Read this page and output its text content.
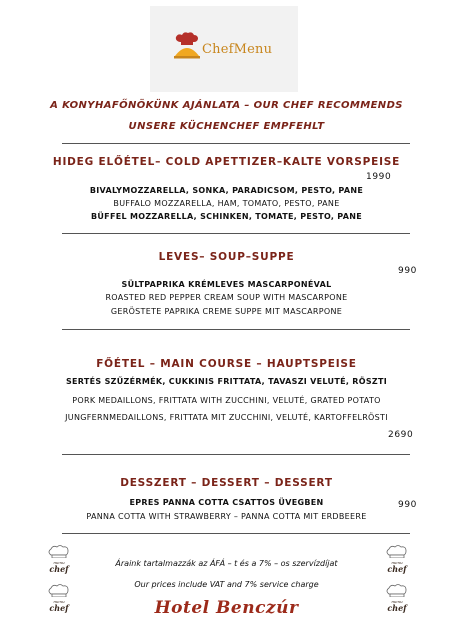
ChefMenu
A KONYHAFŐNÖKÜNK AJÁNLATA – OUR CHEF RECOMMENDS
UNSERE KÜCHENCHEF EMPFEHLT
HIDEG ELŐÉTEL– COLD APETTIZER–KALTE VORSPEISE
1990
BIVALYMOZZARELLA, SONKA, PARADICSOM, PESTO, PANE
BUFFALO MOZZARELLA, HAM, TOMATO, PESTO, PANE
BÜFFEL MOZZARELLA, SCHINKEN, TOMATE, PESTO, PANE
LEVES– SOUP–SUPPE
990
SÜLTPAPRIKA KRÉMLEVES MASCARPONÉVAL
ROASTED RED PEPPER CREAM SOUP WITH MASCARPONE
GERÖSTETE PAPRIKA CREME SUPPE MIT MASCARPONE
FŐÉTEL – MAIN COURSE – HAUPTSPEISE
SERTÉS SZŰZÉRMÉK, CUKKINIS FRITTATA, TAVASZI VELUTÉ, RÖSZTI
PORK MEDAILLONS, FRITTATA WITH ZUCCHINI, VELUTÉ, GRATED POTATO
JUNGFERNMEDAILLONS, FRITTATA MIT ZUCCHINI, VELUTÉ, KARTOFFELRÖSTI
2690
DESSZERT – DESSERT – DESSERT
EPRES PANNA COTTA CSATTOS ÜVEGBEN	990
PANNA COTTA WITH STRAWBERRY – PANNA COTTA MIT ERDBEERE
menu
chef
menu
chef
menu
chef
menu
chef
Áraink tartalmazzák az ÁFÁ – t és a 7% – os szervízdíjat
Our prices include VAT and 7% service charge
Hotel Benczúr
